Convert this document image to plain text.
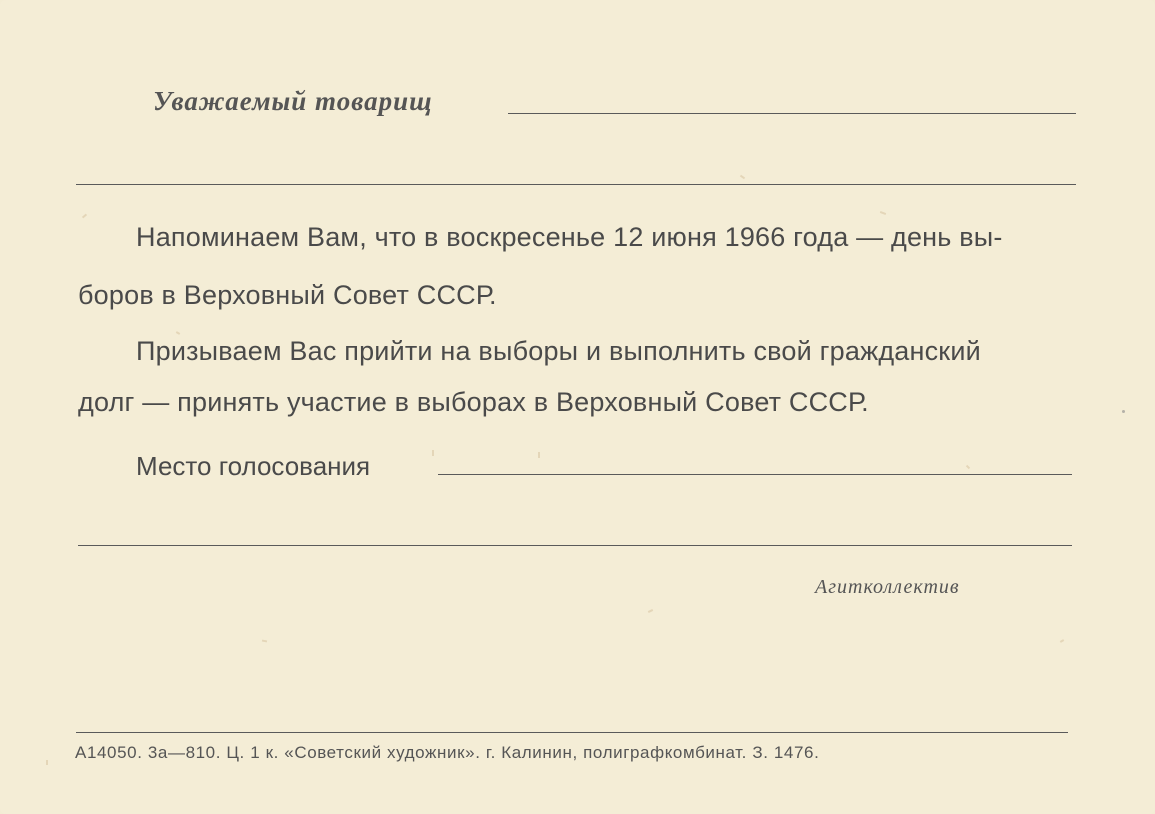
Уважаемый товарищ
Напоминаем Вам, что в воскресенье 12 июня 1966 года — день вы-
боров в Верховный Совет СССР.
Призываем Вас прийти на выборы и выполнить свой гражданский
долг — принять участие в выборах в Верховный Совет СССР.
Место голосования
Агитколлектив
А14050. 3а—810. Ц. 1 к. «Советский художник». г. Калинин, полиграфкомбинат. З. 1476.
